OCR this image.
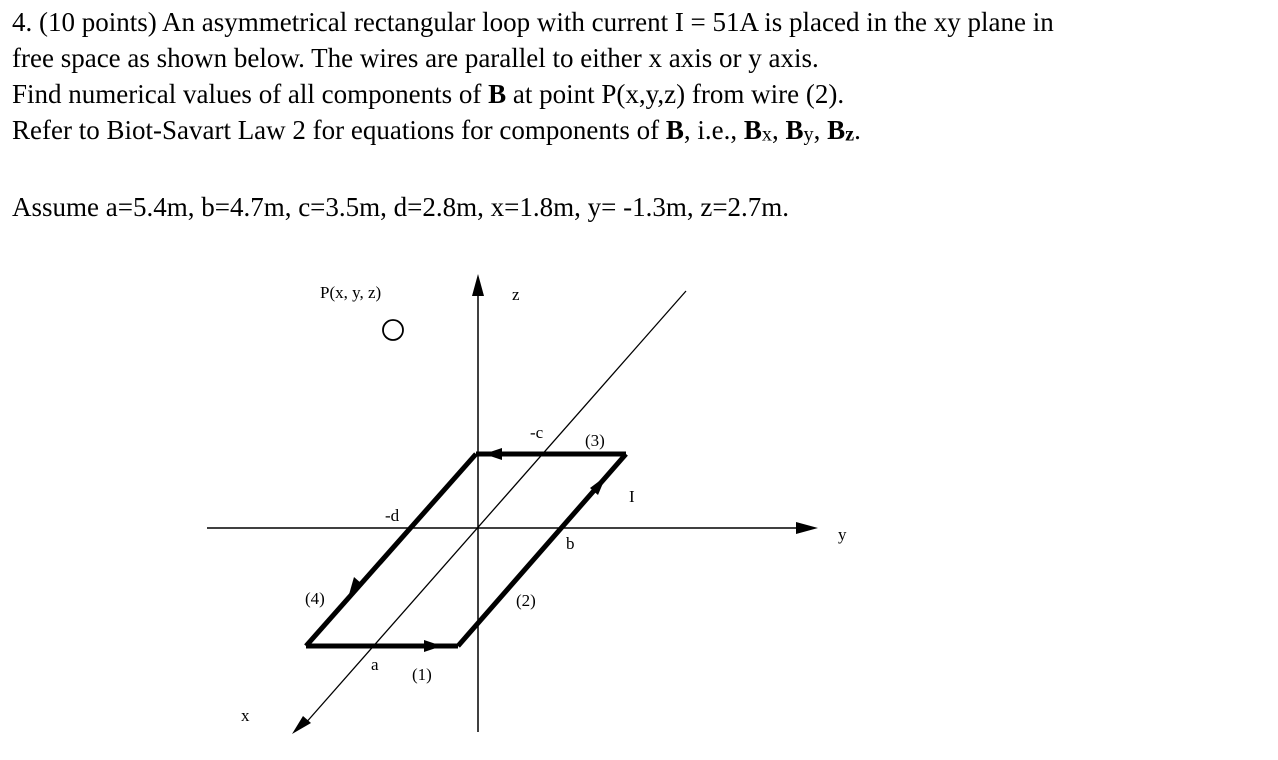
4. (10 points) An asymmetrical rectangular loop with current I = 51A is placed in the xy plane in
free space as shown below. The wires are parallel to either x axis or y axis.
Find numerical values of all components of B at point P(x,y,z) from wire (2).
Refer to Biot-Savart Law 2 for equations for components of B, i.e., Bx, By, Bz.
Assume a=5.4m, b=4.7m, c=3.5m, d=2.8m, x=1.8m, y= -1.3m, z=2.7m.
P(x, y, z)	z
y
x
-c
-d
a
b
I
(1)
(2)
(3)
(4)
